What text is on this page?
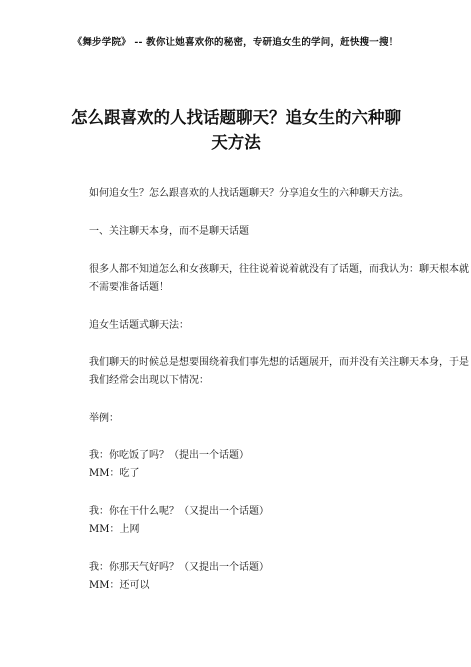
《舞步学院》 -- 教你让她喜欢你的秘密，专研追女生的学问，赶快搜一搜！
怎么跟喜欢的人找话题聊天？追女生的六种聊
天方法
如何追女生？怎么跟喜欢的人找话题聊天？分享追女生的六种聊天方法。
一、关注聊天本身，而不是聊天话题
很多人都不知道怎么和女孩聊天，往往说着说着就没有了话题，而我认为：聊天根本就
不需要准备话题！
追女生话题式聊天法：
我们聊天的时候总是想要围绕着我们事先想的话题展开，而并没有关注聊天本身，于是
我们经常会出现以下情况：
举例：
我：你吃饭了吗？（提出一个话题）
MM：吃了
我：你在干什么呢？（又提出一个话题）
MM：上网
我：你那天气好吗？（又提出一个话题）
MM：还可以
